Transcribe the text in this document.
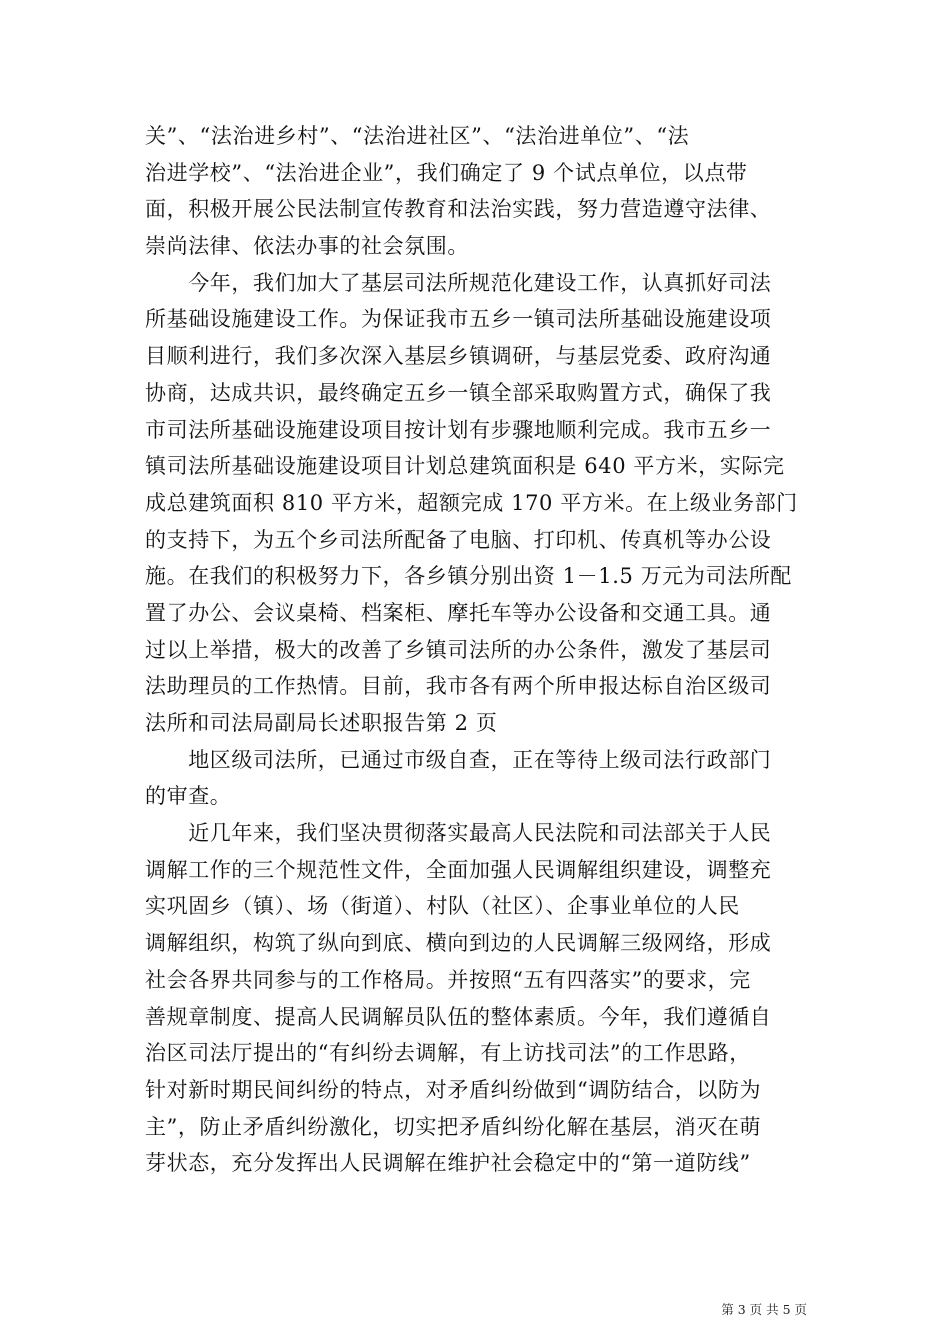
关”、“法治进乡村”、“法治进社区”、“法治进单位”、“法
治进学校”、“法治进企业”，我们确定了 9 个试点单位，以点带
面，积极开展公民法制宣传教育和法治实践，努力营造遵守法律、
崇尚法律、依法办事的社会氛围。
　　今年，我们加大了基层司法所规范化建设工作，认真抓好司法
所基础设施建设工作。为保证我市五乡一镇司法所基础设施建设项
目顺利进行，我们多次深入基层乡镇调研，与基层党委、政府沟通
协商，达成共识，最终确定五乡一镇全部采取购置方式，确保了我
市司法所基础设施建设项目按计划有步骤地顺利完成。我市五乡一
镇司法所基础设施建设项目计划总建筑面积是 640 平方米，实际完
成总建筑面积 810 平方米，超额完成 170 平方米。在上级业务部门
的支持下，为五个乡司法所配备了电脑、打印机、传真机等办公设
施。在我们的积极努力下，各乡镇分别出资 1－1.5 万元为司法所配
置了办公、会议桌椅、档案柜、摩托车等办公设备和交通工具。通
过以上举措，极大的改善了乡镇司法所的办公条件，激发了基层司
法助理员的工作热情。目前，我市各有两个所申报达标自治区级司
法所和司法局副局长述职报告第 2 页
　　地区级司法所，已通过市级自查，正在等待上级司法行政部门
的审查。
　　近几年来，我们坚决贯彻落实最高人民法院和司法部关于人民
调解工作的三个规范性文件，全面加强人民调解组织建设，调整充
实巩固乡（镇）、场（街道）、村队（社区）、企事业单位的人民
调解组织，构筑了纵向到底、横向到边的人民调解三级网络，形成
社会各界共同参与的工作格局。并按照“五有四落实”的要求，完
善规章制度、提高人民调解员队伍的整体素质。今年，我们遵循自
治区司法厅提出的“有纠纷去调解，有上访找司法”的工作思路，
针对新时期民间纠纷的特点，对矛盾纠纷做到“调防结合，以防为
主”，防止矛盾纠纷激化，切实把矛盾纠纷化解在基层，消灭在萌
芽状态，充分发挥出人民调解在维护社会稳定中的“第一道防线”
第 3 页 共 5 页
